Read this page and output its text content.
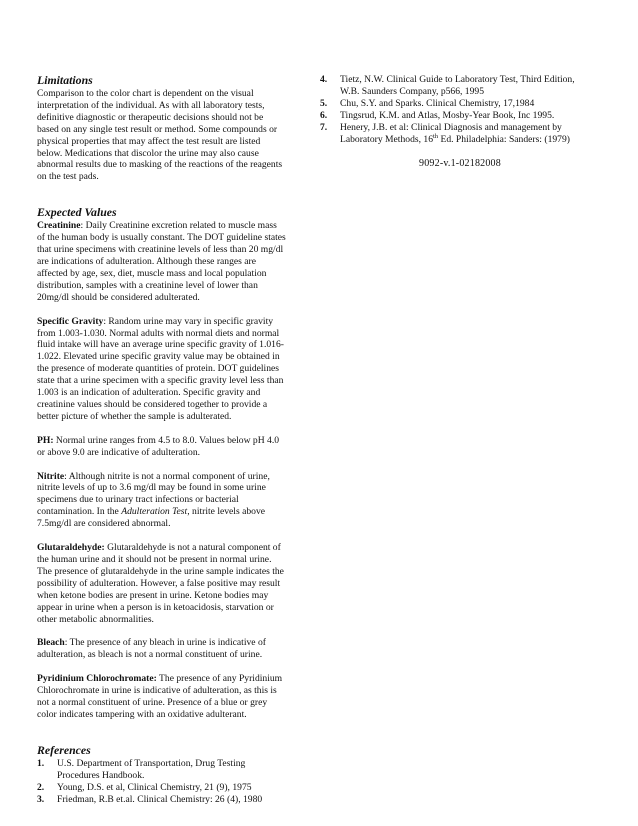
Limitations

Comparison to the color chart is dependent on the visual interpretation of the individual. As with all laboratory tests, definitive diagnostic or therapeutic decisions should not be based on any single test result or method. Some compounds or physical properties that may affect the test result are listed below. Medications that discolor the urine may also cause abnormal results due to masking of the reactions of the reagents on the test pads.

Expected Values

Creatinine: Daily Creatinine excretion related to muscle mass of the human body is usually constant. The DOT guideline states that urine specimens with creatinine levels of less than 20 mg/dl are indications of adulteration. Although these ranges are affected by age, sex, diet, muscle mass and local population distribution, samples with a creatinine level of lower than 20mg/dl should be considered adulterated.

Specific Gravity: Random urine may vary in specific gravity from 1.003-1.030. Normal adults with normal diets and normal fluid intake will have an average urine specific gravity of 1.016-1.022. Elevated urine specific gravity value may be obtained in the presence of moderate quantities of protein. DOT guidelines state that a urine specimen with a specific gravity level less than 1.003 is an indication of adulteration. Specific gravity and creatinine values should be considered together to provide a better picture of whether the sample is adulterated.

PH: Normal urine ranges from 4.5 to 8.0. Values below pH 4.0 or above 9.0 are indicative of adulteration.

Nitrite: Although nitrite is not a normal component of urine, nitrite levels of up to 3.6 mg/dl may be found in some urine specimens due to urinary tract infections or bacterial contamination. In the Adulteration Test, nitrite levels above 7.5mg/dl are considered abnormal.

Glutaraldehyde: Glutaraldehyde is not a natural component of the human urine and it should not be present in normal urine. The presence of glutaraldehyde in the urine sample indicates the possibility of adulteration. However, a false positive may result when ketone bodies are present in urine. Ketone bodies may appear in urine when a person is in ketoacidosis, starvation or other metabolic abnormalities.

Bleach: The presence of any bleach in urine is indicative of adulteration, as bleach is not a normal constituent of urine.

Pyridinium Chlorochromate: The presence of any Pyridinium Chlorochromate in urine is indicative of adulteration, as this is not a normal constituent of urine. Presence of a blue or grey color indicates tampering with an oxidative adulterant.

References
1. U.S. Department of Transportation, Drug Testing Procedures Handbook.
2. Young, D.S. et al, Clinical Chemistry, 21 (9), 1975
3. Friedman, R.B et.al. Clinical Chemistry: 26 (4), 1980
4. Tietz, N.W. Clinical Guide to Laboratory Test, Third Edition, W.B. Saunders Company, p566, 1995
5. Chu, S.Y. and Sparks. Clinical Chemistry, 17,1984
6. Tingsrud, K.M. and Atlas, Mosby-Year Book, Inc 1995.
7. Henery, J.B. et al: Clinical Diagnosis and management by Laboratory Methods, 16th Ed. Philadelphia: Sanders: (1979)
9092-v.1-02182008
